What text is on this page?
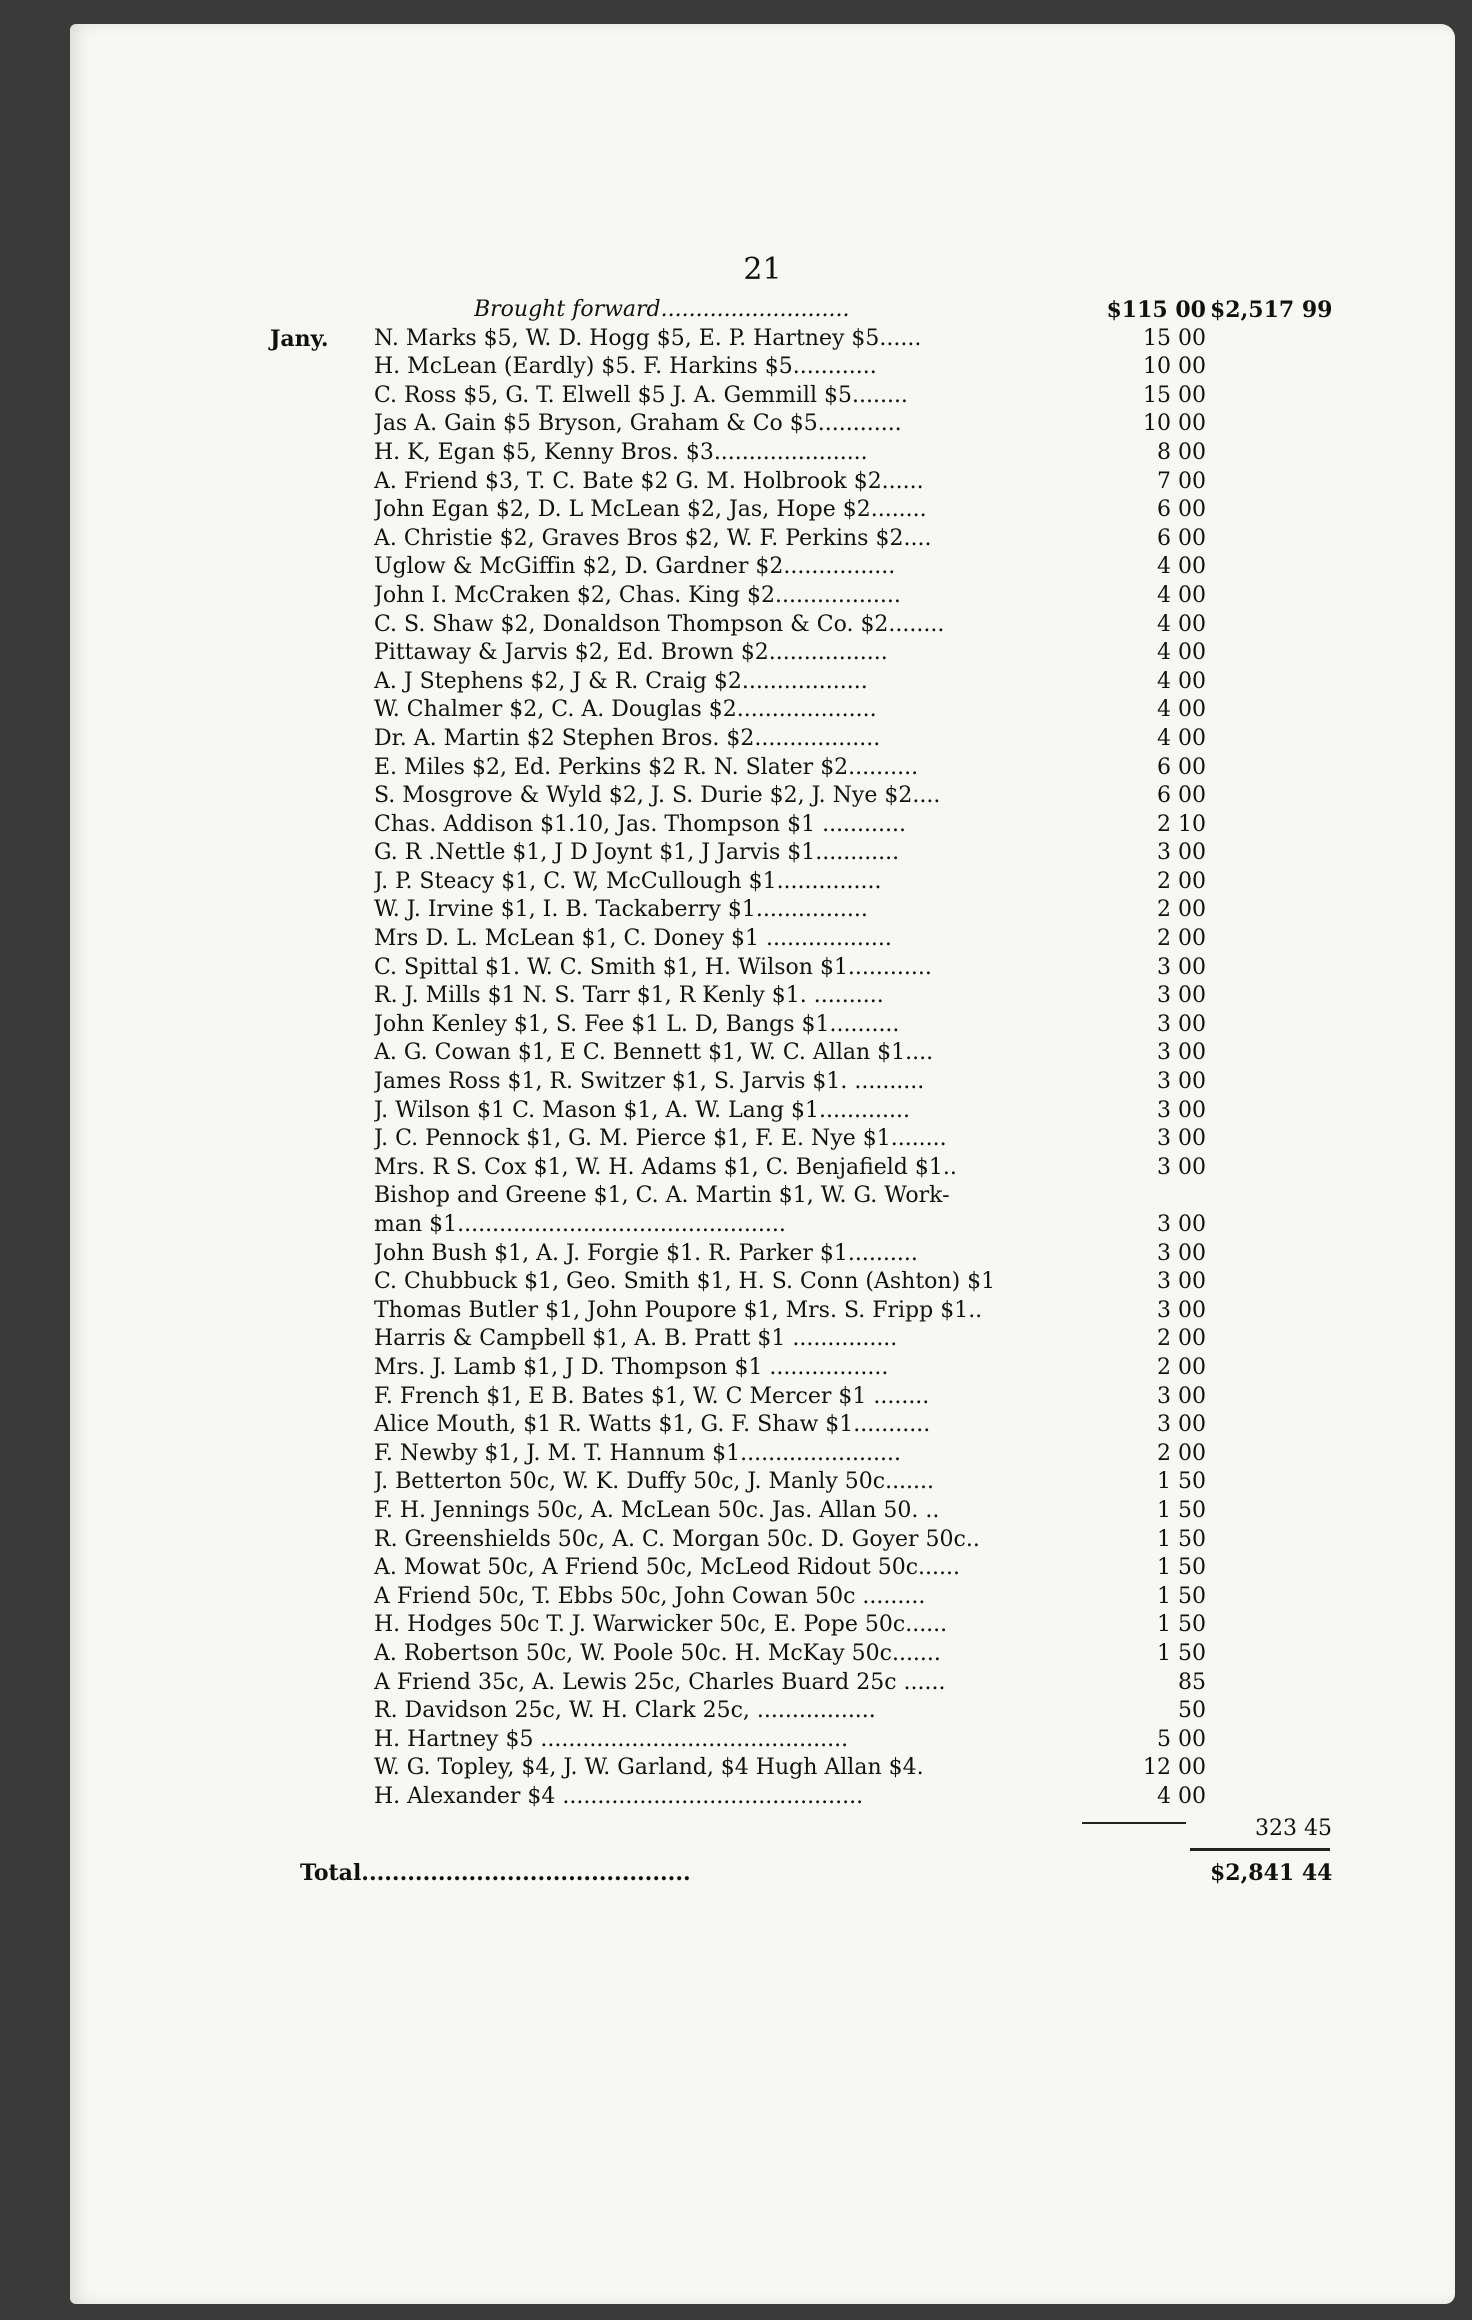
21
Brought forward...........................	$115 00 $2,517 99
Jany. N. Marks $5, W. D. Hogg $5, E. P. Hartney $5......	15 00
H. McLean (Eardly) $5. F. Harkins $5............	10 00
C. Ross $5, G. T. Elwell $5 J. A. Gemmill $5........	15 00
Jas A. Gain $5 Bryson, Graham & Co $5............	10 00
H. K, Egan $5, Kenny Bros. $3......................	8 00
A. Friend $3, T. C. Bate $2 G. M. Holbrook $2......	7 00
John Egan $2, D. L McLean $2, Jas, Hope $2........	6 00
A. Christie $2, Graves Bros $2, W. F. Perkins $2....	6 00
Uglow & McGiffin $2, D. Gardner $2................	4 00
John I. McCraken $2, Chas. King $2..................	4 00
C. S. Shaw $2, Donaldson Thompson & Co. $2........	4 00
Pittaway & Jarvis $2, Ed. Brown $2.................	4 00
A. J Stephens $2, J & R. Craig $2..................	4 00
W. Chalmer $2, C. A. Douglas $2....................	4 00
Dr. A. Martin $2 Stephen Bros. $2..................	4 00
E. Miles $2, Ed. Perkins $2 R. N. Slater $2..........	6 00
S. Mosgrove & Wyld $2, J. S. Durie $2, J. Nye $2....	6 00
Chas. Addison $1.10, Jas. Thompson $1 ............	2 10
G. R .Nettle $1, J D Joynt $1, J Jarvis $1............	3 00
J. P. Steacy $1, C. W, McCullough $1...............	2 00
W. J. Irvine $1, I. B. Tackaberry $1................	2 00
Mrs D. L. McLean $1, C. Doney $1 ..................	2 00
C. Spittal $1. W. C. Smith $1, H. Wilson $1............	3 00
R. J. Mills $1 N. S. Tarr $1, R Kenly $1. ..........	3 00
John Kenley $1, S. Fee $1 L. D, Bangs $1..........	3 00
A. G. Cowan $1, E C. Bennett $1, W. C. Allan $1....	3 00
James Ross $1, R. Switzer $1, S. Jarvis $1. ..........	3 00
J. Wilson $1 C. Mason $1, A. W. Lang $1.............	3 00
J. C. Pennock $1, G. M. Pierce $1, F. E. Nye $1........	3 00
Mrs. R S. Cox $1, W. H. Adams $1, C. Benjafield $1..	3 00
Bishop and Greene $1, C. A. Martin $1, W. G. Work-
man $1...............................................	3 00
John Bush $1, A. J. Forgie $1. R. Parker $1..........	3 00
C. Chubbuck $1, Geo. Smith $1, H. S. Conn (Ashton) $1	3 00
Thomas Butler $1, John Poupore $1, Mrs. S. Fripp $1..	3 00
Harris & Campbell $1, A. B. Pratt $1 ...............	2 00
Mrs. J. Lamb $1, J D. Thompson $1 .................	2 00
F. French $1, E B. Bates $1, W. C Mercer $1 ........	3 00
Alice Mouth, $1 R. Watts $1, G. F. Shaw $1...........	3 00
F. Newby $1, J. M. T. Hannum $1.......................	2 00
J. Betterton 50c, W. K. Duffy 50c, J. Manly 50c.......	1 50
F. H. Jennings 50c, A. McLean 50c. Jas. Allan 50. ..	1 50
R. Greenshields 50c, A. C. Morgan 50c. D. Goyer 50c..	1 50
A. Mowat 50c, A Friend 50c, McLeod Ridout 50c......	1 50
A Friend 50c, T. Ebbs 50c, John Cowan 50c .........	1 50
H. Hodges 50c T. J. Warwicker 50c, E. Pope 50c......	1 50
A. Robertson 50c, W. Poole 50c. H. McKay 50c.......	1 50
A Friend 35c, A. Lewis 25c, Charles Buard 25c ......	85
R. Davidson 25c, W. H. Clark 25c, .................	50
H. Hartney $5 ............................................	5 00
W. G. Topley, $4, J. W. Garland, $4 Hugh Allan $4.	12 00
H. Alexander $4 ...........................................	4 00
323 45
Total...........................................	$2,841 44
